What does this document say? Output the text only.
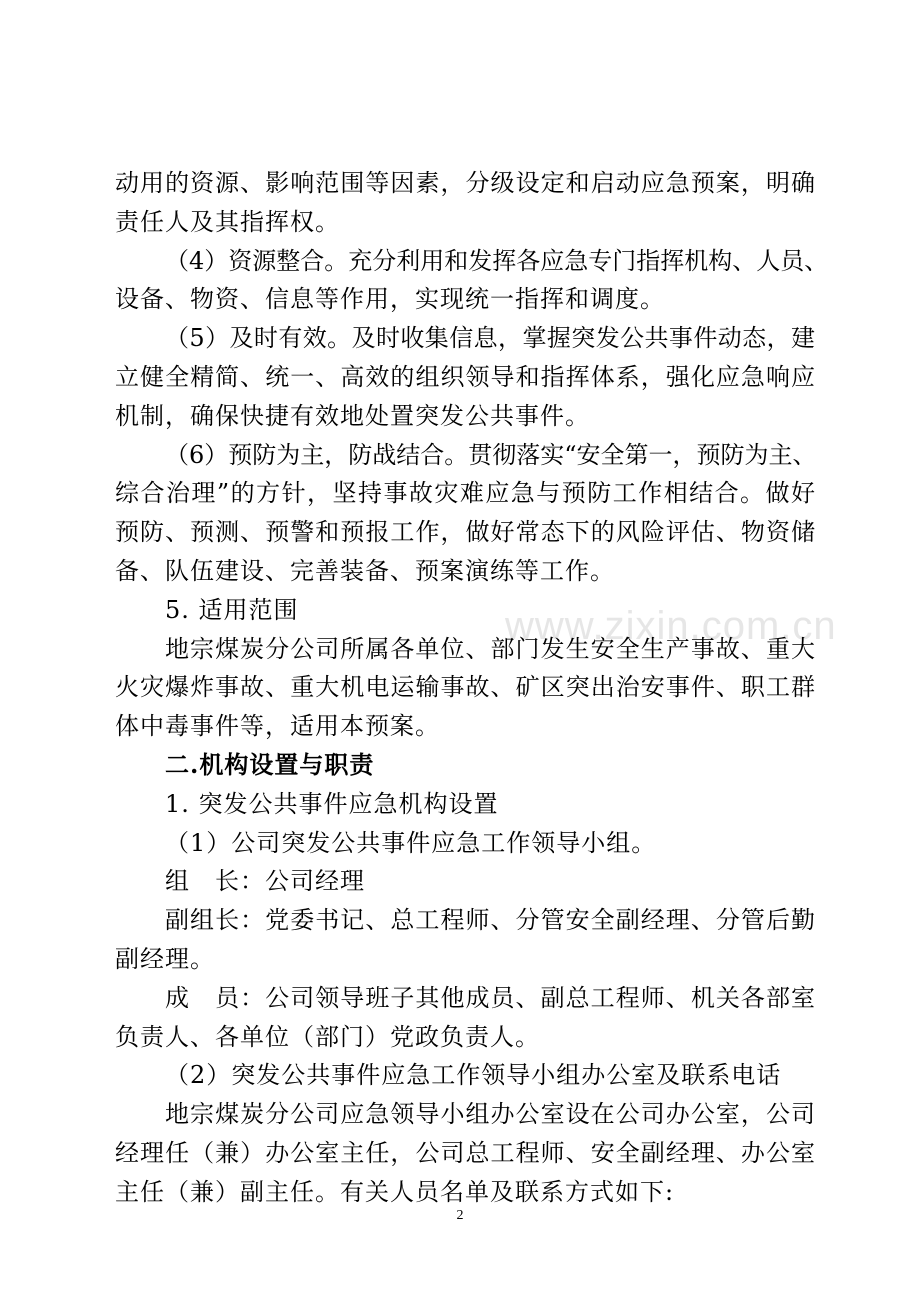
www.zixin.com.cn
动用的资源、影响范围等因素，分级设定和启动应急预案，明确
责任人及其指挥权。
（4）资源整合。充分利用和发挥各应急专门指挥机构、人员、
设备、物资、信息等作用，实现统一指挥和调度。
（5）及时有效。及时收集信息，掌握突发公共事件动态，建
立健全精简、统一、高效的组织领导和指挥体系，强化应急响应
机制，确保快捷有效地处置突发公共事件。
（6）预防为主，防战结合。贯彻落实“安全第一，预防为主、
综合治理”的方针，坚持事故灾难应急与预防工作相结合。做好
预防、预测、预警和预报工作，做好常态下的风险评估、物资储
备、队伍建设、完善装备、预案演练等工作。
5. 适用范围
地宗煤炭分公司所属各单位、部门发生安全生产事故、重大
火灾爆炸事故、重大机电运输事故、矿区突出治安事件、职工群
体中毒事件等，适用本预案。
二.机构设置与职责
1. 突发公共事件应急机构设置
（1）公司突发公共事件应急工作领导小组。
组　长：公司经理
副组长：党委书记、总工程师、分管安全副经理、分管后勤
副经理。
成　员：公司领导班子其他成员、副总工程师、机关各部室
负责人、各单位（部门）党政负责人。
（2）突发公共事件应急工作领导小组办公室及联系电话
地宗煤炭分公司应急领导小组办公室设在公司办公室，公司
经理任（兼）办公室主任，公司总工程师、安全副经理、办公室
主任（兼）副主任。有关人员名单及联系方式如下:
2
